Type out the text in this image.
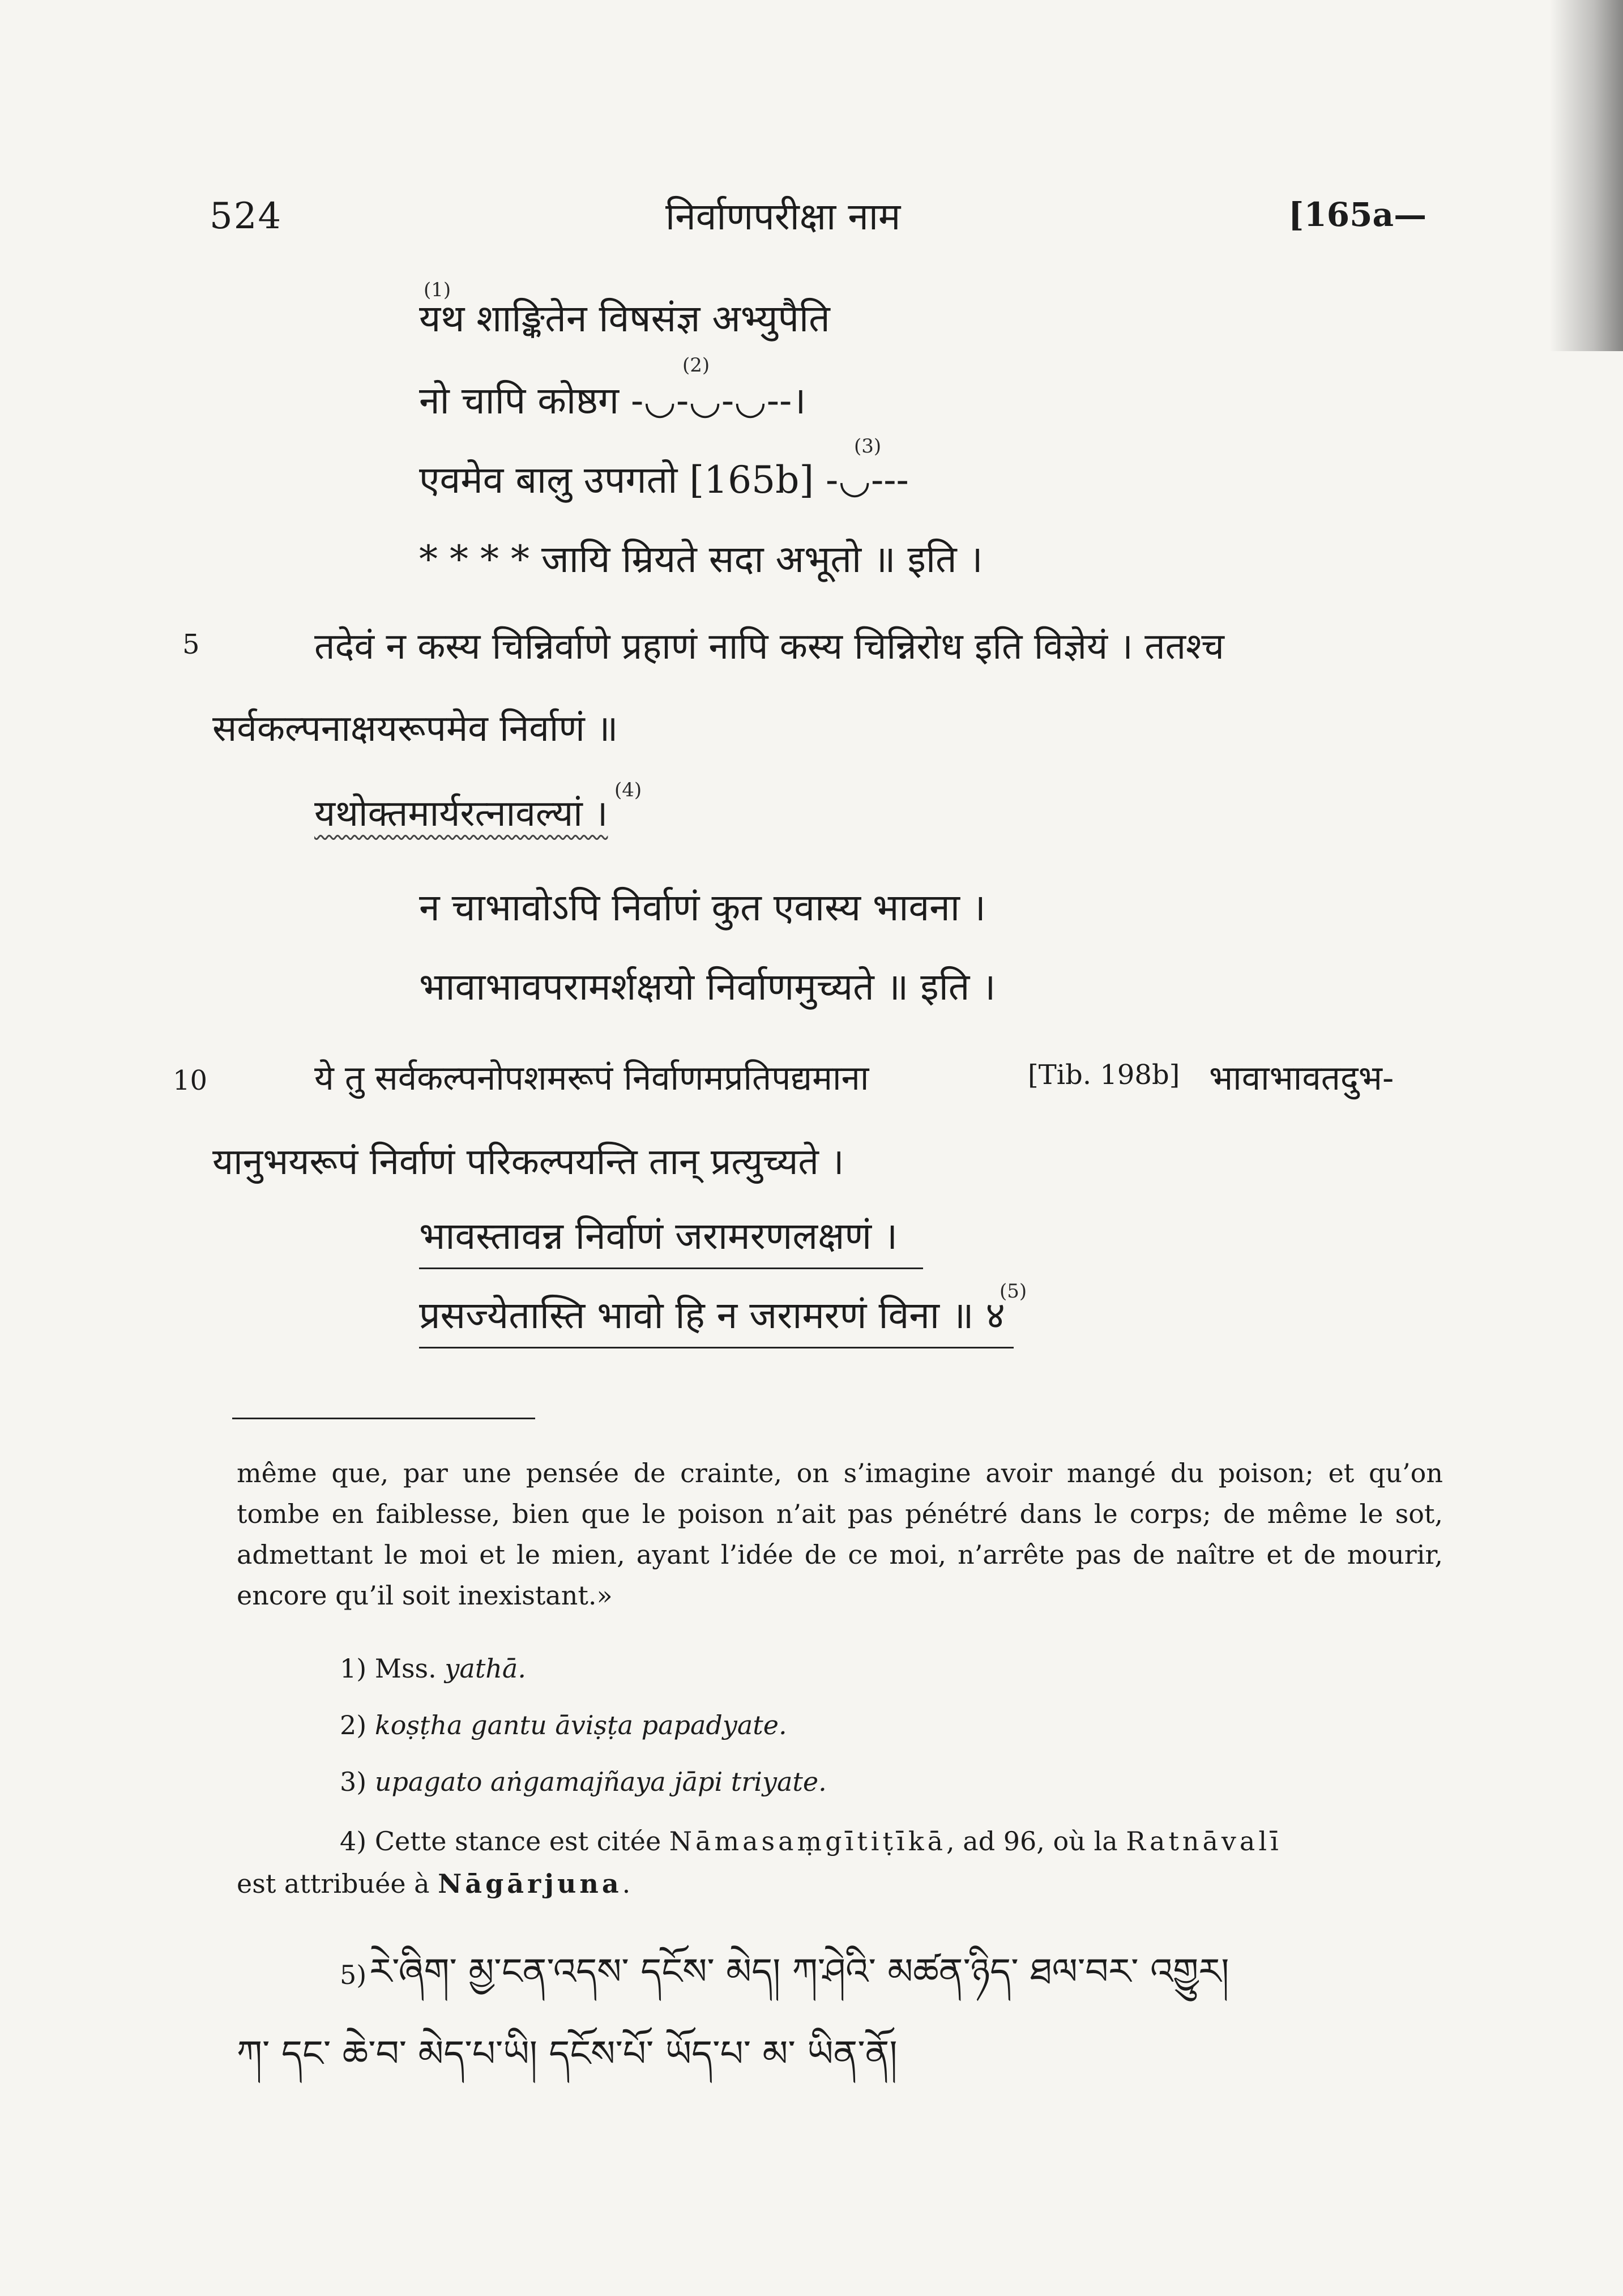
524	निर्वाणपरीक्षा नाम	[165a—
(1)
यथ शाङ्कितेन विषसंज्ञ अभ्युपैति
(2)
नो चापि कोष्ठग -◡-◡-◡--।
(3)
एवमेव बालु उपगतो [165b] -◡---
* * * * जायि म्रियते सदा अभूतो ॥ इति ।
5	तदेवं न कस्य चिन्निर्वाणे प्रहाणं नापि कस्य चिन्निरोध इति विज्ञेयं । ततश्च
सर्वकल्पनाक्षयरूपमेव निर्वाणं ॥
यथोक्तमार्यरत्नावल्यां ।
(4)
न चाभावोऽपि निर्वाणं कुत एवास्य भावना ।
भावाभावपरामर्शक्षयो निर्वाणमुच्यते ॥ इति ।
10	ये तु सर्वकल्पनोपशमरूपं निर्वाणमप्रतिपद्यमाना	[Tib. 198b] भावाभावतदुभ-
यानुभयरूपं निर्वाणं परिकल्पयन्ति तान् प्रत्युच्यते ।
भावस्तावन्न निर्वाणं जरामरणलक्षणं ।
प्रसज्येतास्ति भावो हि न जरामरणं विना ॥ ४
(5)
même que, par une pensée de crainte, on s’imagine avoir mangé du poison; et qu’on tombe en faiblesse, bien que le poison n’ait pas pénétré dans le corps; de même le sot, admettant le moi et le mien, ayant l’idée de ce moi, n’arrête pas de naître et de mourir, encore qu’il soit inexistant.»
1) Mss. yathā.
2) koṣṭha gantu āviṣṭa papadyate.
3) upagato aṅgamajñaya jāpi triyate.
4) Cette stance est citée Nāmasaṃgītiṭīkā, ad 96, où la Ratnāvalī
est attribuée à Nāgārjuna.
5) རེ་ཞིག་ མྱ་ངན་འདས་ དངོས་ མེད། ཀ་ཤེའི་ མཚན་ཉིད་ ཐལ་བར་ འགྱུར།
ཀ་ དང་ ཆེ་བ་ མེད་པ་ཡི། དངོས་པོ་ ཡོད་པ་ མ་ ཡིན་ནོ།
